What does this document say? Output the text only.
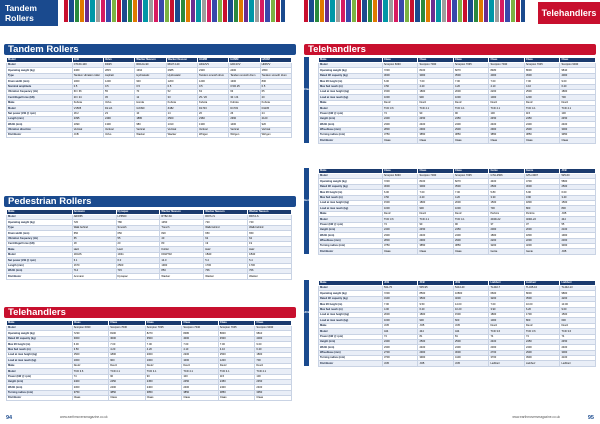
Tandem
Rollers
Tandem Rollers
Model	JCB	Volvo	Wacker Neuson	Wacker Neuson	HAMM	HAMM	HAMM
Model	CT160-100	DD25	RD12A-90	RD27-120	HD12VV	HD13VV	HD8VV
Operating weight (kg)	2460	2815	1364	2685	2330	2400	1650
Type	Tandem vibration roller	Asphalt	Hydrostatic	Hydrostatic	Tandem smooth drum	Tandem smooth drum	Tandem smooth drum
Drum width (mm)	1000	1200	900	1200	1200	1300	800
Nominal amplitude	0.5	0.5	0.5	0.5	0.5	0.5/0.25	0.5
Vibration frequency (Hz)	60 / 66	55	70	52	63	63	65
Centrifugal force (kN)	20 / 24	45	12	33	25 / 20	30 / 24	20
Make	Kubota	Volvo	Honda	Kubota	Kubota	Kubota	Kubota
Model	V1505	D2.2A	GX390	Z482	D1703	D1703	D1105
Net power (kW @ rpm)	18.2	23	10	14	26	26	24
Length (mm)	2395	2490	1880	2500	2360	2360	2120
Width (mm)	1090	1300	980	1310	1300	1400	920
Vibration direction	Vertical	Vertical	Vertical	Vertical	Vertical	Vertical	Vertical
Distributor	JCB	Volvo	Wacker	Wacker	Wirtgen	Wirtgen	Wirtgen
Pedestrian Rollers
Make	Ammann	Dynapac	Wacker Neuson	Wacker Neuson	Wacker Neuson
Model	ARW65	LP6500	RT82-SC	RD7H-S	RD7A-S
Operating weight (kg)	720	780	1450	720	740
Type	Walk behind	Smooth	Trench	Walk behind	Walk behind
Drum width (mm)	650	650	820	650	650
Vibration frequency (Hz)	65	55	40	62	62
Centrifugal force (kN)	18	20	80	19	19
Make	Hatz	Hatz	Kohler	Hatz	Hatz
Model	1D42S	1D41	KDW702	1B40	1B40
Net power (kW @ rpm)	6.1	6.0	14.0	5.4	5.4
Length (mm)	1670	2500	1900	1700	1700
Width (mm)	714	715	853	706	706
Distributor	Ammann	Dynapac	Wacker	Wacker	Wacker
Telehandlers
Make	Claas	Claas	Claas	Claas	Claas	Claas
Model	Scorpion 6030	Scorpion 7030	Scorpion 7035	Scorpion 7040	Scorpion 7045	Scorpion 9040
Operating weight (kg)	7230	8100	8270	8480	8600	9810
Rated lift capacity (kg)	3000	3000	3500	4000	4500	4000
Max lift height (m)	6.00	7.00	7.00	7.00	7.00	9.00
Max fwd reach (m)	3.50	4.20	4.20	4.10	4.10	6.20
Load at max height (kg)	1500	1800	2000	2200	2500	1800
Load at max reach (kg)	1000	900	1000	1000	1200	700
Make	Deutz	Deutz	Deutz	Deutz	Deutz	Deutz
Model	TCD 3.6	TCD 4.1	TCD 4.1	TCD 4.1	TCD 4.1	TCD 4.1
Power (kW @ rpm)	74	90	90	100	115	100
Height (mm)	2400	2450	2450	2450	2450	2450
Width (mm)	2300	2400	2400	2400	2400	2400
Turning radius (mm)	3750	3850	3850	3850	3850	3950
Distributor	Claas	Claas	Claas	Claas	Claas	Claas
94	www.earthmoversmagazine.co.uk
Telehandlers
Telehandlers
Make	Claas	Claas	Claas	Claas	Claas	Claas
Model	Scorpion 6030	Scorpion 7030	Scorpion 7035	Scorpion 7040	Scorpion 7045	Scorpion 9040
Operating weight (kg)	7230	8100	8270	8480	8600	9810
Rated lift capacity (kg)	3000	3000	3500	4000	4500	4000
Max lift height (m)	6.00	7.00	7.00	7.00	7.00	9.00
Max fwd reach (m)	3.50	4.20	4.20	4.10	4.10	6.20
Load at max height (kg)	1500	1800	2000	2200	2500	1800
Load at max reach (kg)	1000	900	1000	1000	1200	700
Make	Deutz	Deutz	Deutz	Deutz	Deutz	Deutz
Model	TCD 3.6	TCD 4.1	TCD 4.1	TCD 4.1	TCD 4.1	TCD 4.1
Power (kW @ rpm)	74	90	90	100	115	100
Height (mm)	2400	2450	2450	2450	2450	2450
Width (mm)	2300	2400	2400	2400	2400	2400
Wheelbase (mm)	2800	2900	2900	2900	2900	3000
Turning radius (mm)	3750	3850	3850	3850	3850	3950
Distributor	Claas	Claas	Claas	Claas	Claas	Claas
Make	Claas	Claas	Claas	Genie	Genie	JCB
Model	Scorpion 6030	Scorpion 7030	Scorpion 7035	GTH-2506	GTH-3007	525-60
Operating weight (kg)	7230	8100	8270	4400	4700	5800
Rated lift capacity (kg)	3000	3000	3500	2500	3000	2500
Max lift height (m)	6.00	7.00	7.00	5.80	6.90	6.00
Max fwd reach (m)	3.50	4.20	4.20	3.30	3.90	3.40
Load at max height (kg)	1500	1800	2000	1500	1800	1500
Load at max reach (kg)	1000	900	1000	700	800	800
Make	Deutz	Deutz	Deutz	Perkins	Perkins	JCB
Model	TCD 3.6	TCD 4.1	TCD 4.1	404D-22	404D-22	444
Power (kW @ rpm)	74	90	90	37	37	55
Height (mm)	2400	2450	2450	2000	2000	2100
Width (mm)	2300	2400	2400	1800	1800	1900
Wheelbase (mm)	2800	2900	2900	2200	2200	2300
Turning radius (mm)	3750	3850	3850	3200	3200	3300
Distributor	Claas	Claas	Claas	Genie	Genie	JCB
Make	JCB	JCB	JCB	Liebherr	Liebherr	Liebherr
Model	531-70	535-95	540-140	TL432-7	TL435-10	TL442-13
Operating weight (kg)	7200	8500	10800	6600	8000	9800
Rated lift capacity (kg)	3100	3500	4000	3200	3500	4200
Max lift height (m)	7.00	9.50	14.00	7.00	10.00	13.00
Max fwd reach (m)	4.00	6.20	10.20	3.90	6.20	9.00
Load at max height (kg)	2000	1800	1500	1800	1700	1500
Load at max reach (kg)	1000	900	600	1000	800	600
Make	JCB	JCB	JCB	Deutz	Deutz	Deutz
Model	444	444	444	TCD 3.6	TCD 3.6	TCD 3.6
Power (kW @ rpm)	74	81	81	74	74	74
Height (mm)	2400	2500	2500	2400	2450	2450
Width (mm)	2300	2400	2400	2300	2400	2400
Wheelbase (mm)	2700	2900	3000	2700	2900	3000
Turning radius (mm)	3700	3900	4100	3700	3900	4100
Distributor	JCB	JCB	JCB	Liebherr	Liebherr	Liebherr
95
www.earthmoversmagazine.co.uk
Claas
Genie
JCB
